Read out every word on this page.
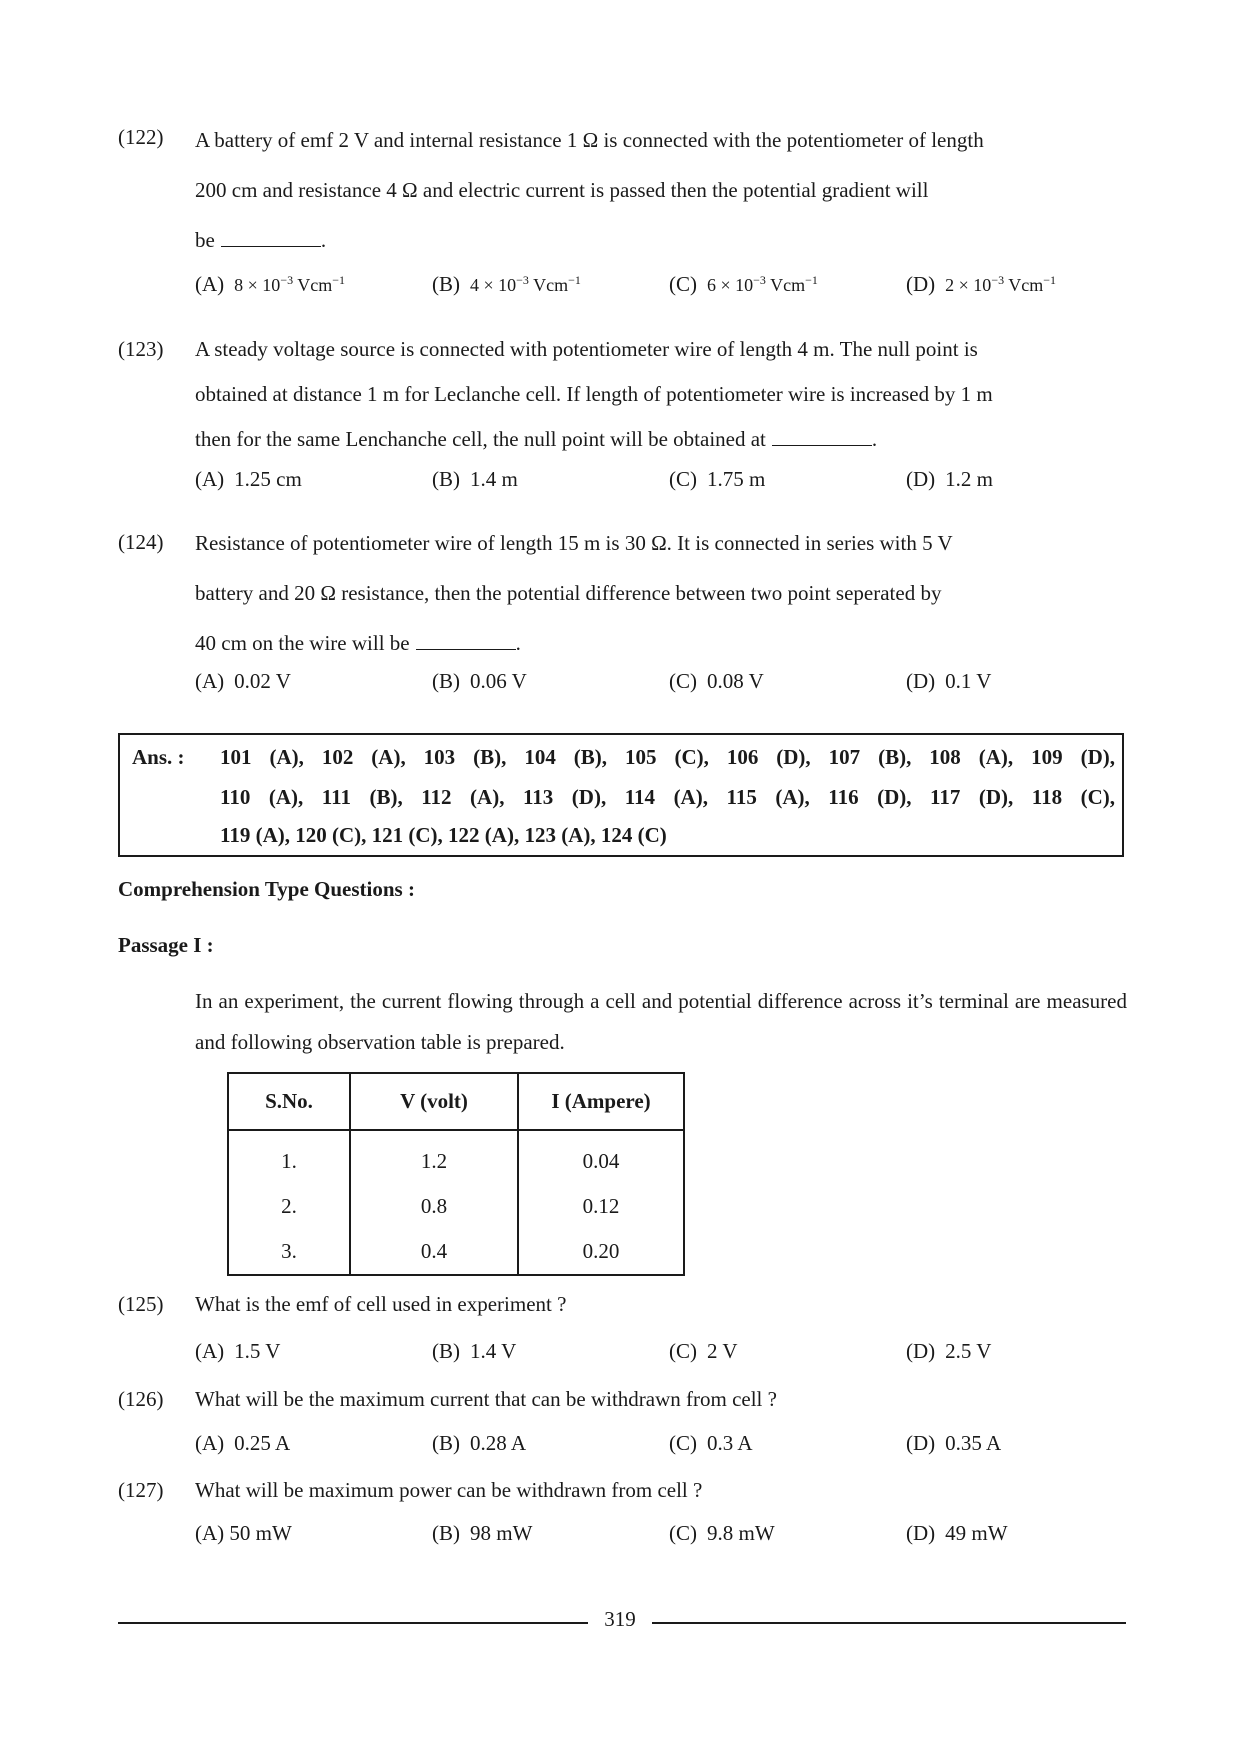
(122) A battery of emf 2 V and internal resistance 1 Ω is connected with the potentiometer of length
200 cm and resistance 4 Ω and electric current is passed then the potential gradient will
be	.
(A) $8 \times 10^{-3}$ Vcm$^{-1}$	(B) $4 \times 10^{-3}$ Vcm$^{-1}$	(C) $6 \times 10^{-3}$ Vcm$^{-1}$	(D) $2 \times 10^{-3}$ Vcm$^{-1}$
(123) A steady voltage source is connected with potentiometer wire of length 4 m. The null point is
obtained at distance 1 m for Leclanche cell. If length of potentiometer wire is increased by 1 m
then for the same Lenchanche cell, the null point will be obtained at	.
(A) 1.25 cm	(B) 1.4 m	(C) 1.75 m	(D) 1.2 m
(124) Resistance of potentiometer wire of length 15 m is 30 Ω. It is connected in series with 5 V
battery and 20 Ω resistance, then the potential difference between two point seperated by
40 cm on the wire will be	.
(A) 0.02 V	(B) 0.06 V	(C) 0.08 V	(D) 0.1 V
Ans. : 101 (A), 102 (A), 103 (B), 104 (B), 105 (C), 106 (D), 107 (B), 108 (A), 109 (D),
110 (A), 111 (B), 112 (A), 113 (D), 114 (A), 115 (A), 116 (D), 117 (D), 118 (C),
119 (A), 120 (C), 121 (C), 122 (A), 123 (A), 124 (C)
Comprehension Type Questions :
Passage I :
In an experiment, the current flowing through a cell and potential difference across it’s terminal are measured and following observation table is prepared.
S.No.	V (volt)	I (Ampere)
1.	1.2	0.04
2.	0.8	0.12
3.	0.4	0.20
(125) What is the emf of cell used in experiment ?
(A) 1.5 V	(B) 1.4 V	(C) 2 V	(D) 2.5 V
(126) What will be the maximum current that can be withdrawn from cell ?
(A) 0.25 A	(B) 0.28 A	(C) 0.3 A	(D) 0.35 A
(127) What will be maximum power can be withdrawn from cell ?
(A) 50 mW	(B) 98 mW	(C) 9.8 mW	(D) 49 mW
319
